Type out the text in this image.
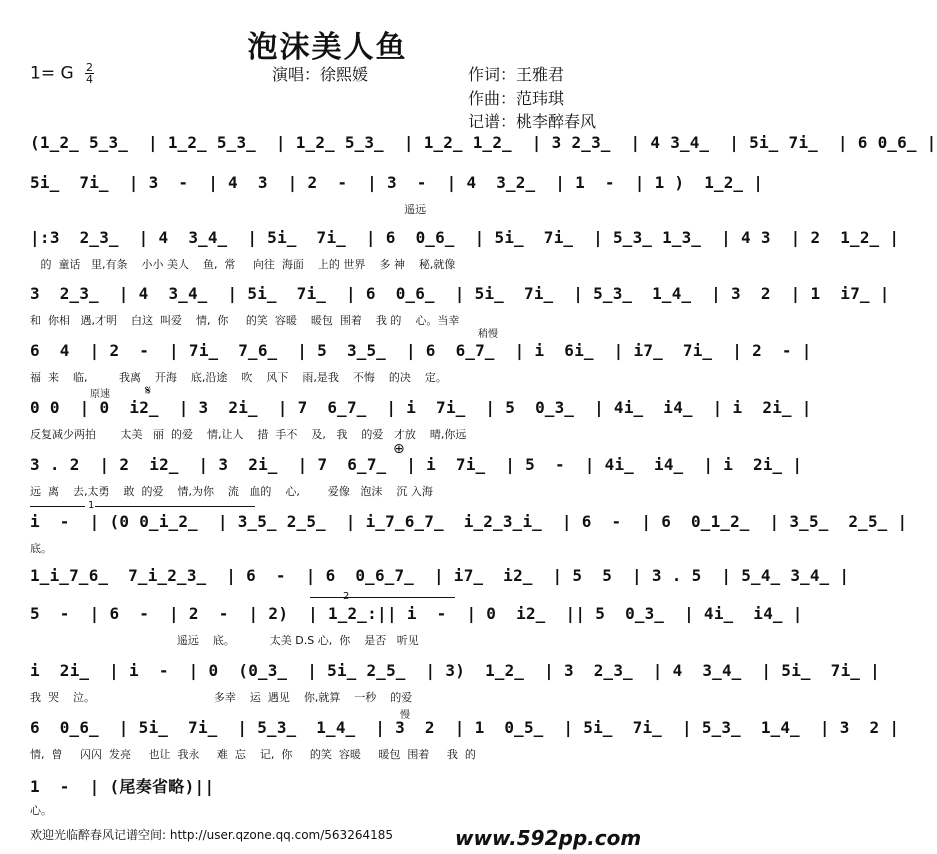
泡沫美人鱼
1= G $\frac{2}{4}$	演唱：徐熙媛	作词：王雅君
作曲：范玮琪
记谱：桃李醉春风
(1̲2̲ 5̲3̲  | 1̲2̲ 5̲3̲  | 1̲2̲ 5̲3̲  | 1̲2̲ 1̲2̲  | 3 2̲3̲  | 4 3̲4̲  | 5i̲ 7i̲  | 6 0̲6̲ |
5i̲  7i̲  | 3  -  | 4  3  | 2  -  | 3  -  | 4  3̲2̲  | 1  -  | 1 )  1̲2̲ |
遥远
|:3  2̲3̲  | 4  3̲4̲  | 5i̲  7i̲  | 6  0̲6̲  | 5i̲  7i̲  | 5̲3̲ 1̲3̲  | 4 3  | 2  1̲2̲ |
的  童话   里,有条    小小 美人    鱼,  常     向往  海面    上的 世界    多 神    秘,就像
3  2̲3̲  | 4  3̲4̲  | 5i̲  7i̲  | 6  0̲6̲  | 5i̲  7i̲  | 5̲3̲  1̲4̲  | 3  2  | 1  i7̲ |
和  你相   遇,才明    白这  叫爱    情,  你     的笑  容暖    暖包  围着    我 的    心。当幸
稍慢
6  4  | 2  -  | 7i̲  7̲6̲  | 5  3̲5̲  | 6  6̲7̲  | i  6i̲  | i7̲  7i̲  | 2  - |
福  来    临,         我离    开海    底,沿途    吹    风下    雨,是我    不悔    的决    定。
原速	𝄋
0 0  | 0  i2̲  | 3  2i̲  | 7  6̲7̲  | i  7i̲  | 5  0̲3̲  | 4i̲  i4̲  | i  2i̲ |
反复减少两拍       太美   丽  的爱    情,让人    措  手不    及,   我    的爱   才放    晴,你远
⊕
3 . 2  | 2  i2̲  | 3  2i̲  | 7  6̲7̲  | i  7i̲  | 5  -  | 4i̲  i4̲  | i  2i̲ |
远  离    去,太勇    敢  的爱    情,为你    流   血的    心,        爱像   泡沫    沉 入海
1
i  -  | (0 0̲i̲2̲  | 3̲5̲ 2̲5̲  | i̲7̲6̲7̲  i̲2̲3̲i̲  | 6  -  | 6  0̲1̲2̲  | 3̲5̲  2̲5̲ |
底。
1̲i̲7̲6̲  7̲i̲2̲3̲  | 6  -  | 6  0̲6̲7̲  | i7̲  i2̲  | 5  5  | 3 . 5  | 5̲4̲ 3̲4̲ |
5  -  | 6  -  | 2  -  | 2)  | 1̲2̲:|| i  -  | 0  i2̲  || 5  0̲3̲  | 4i̲  i4̲ |
遥远    底。          太美 D.S 心,  你    是否   听见
i  2i̲  | i  -  | 0  (0̲3̲  | 5i̲ 2̲5̲  | 3)  1̲2̲  | 3  2̲3̲  | 4  3̲4̲  | 5i̲  7i̲ |
我  哭    泣。                                  多幸    运  遇见    你,就算    一秒    的爱
慢
6  0̲6̲  | 5i̲  7i̲  | 5̲3̲  1̲4̲  | 3  2  | 1  0̲5̲  | 5i̲  7i̲  | 5̲3̲  1̲4̲  | 3  2 |
情,  曾     闪闪  发亮     也让  我永     难  忘    记,  你     的笑  容暖     暖包  围着     我  的
1  -  | (尾奏省略)||
心。
欢迎光临醉春风记谱空间: http://user.qzone.qq.com/563264185	www.592pp.com
